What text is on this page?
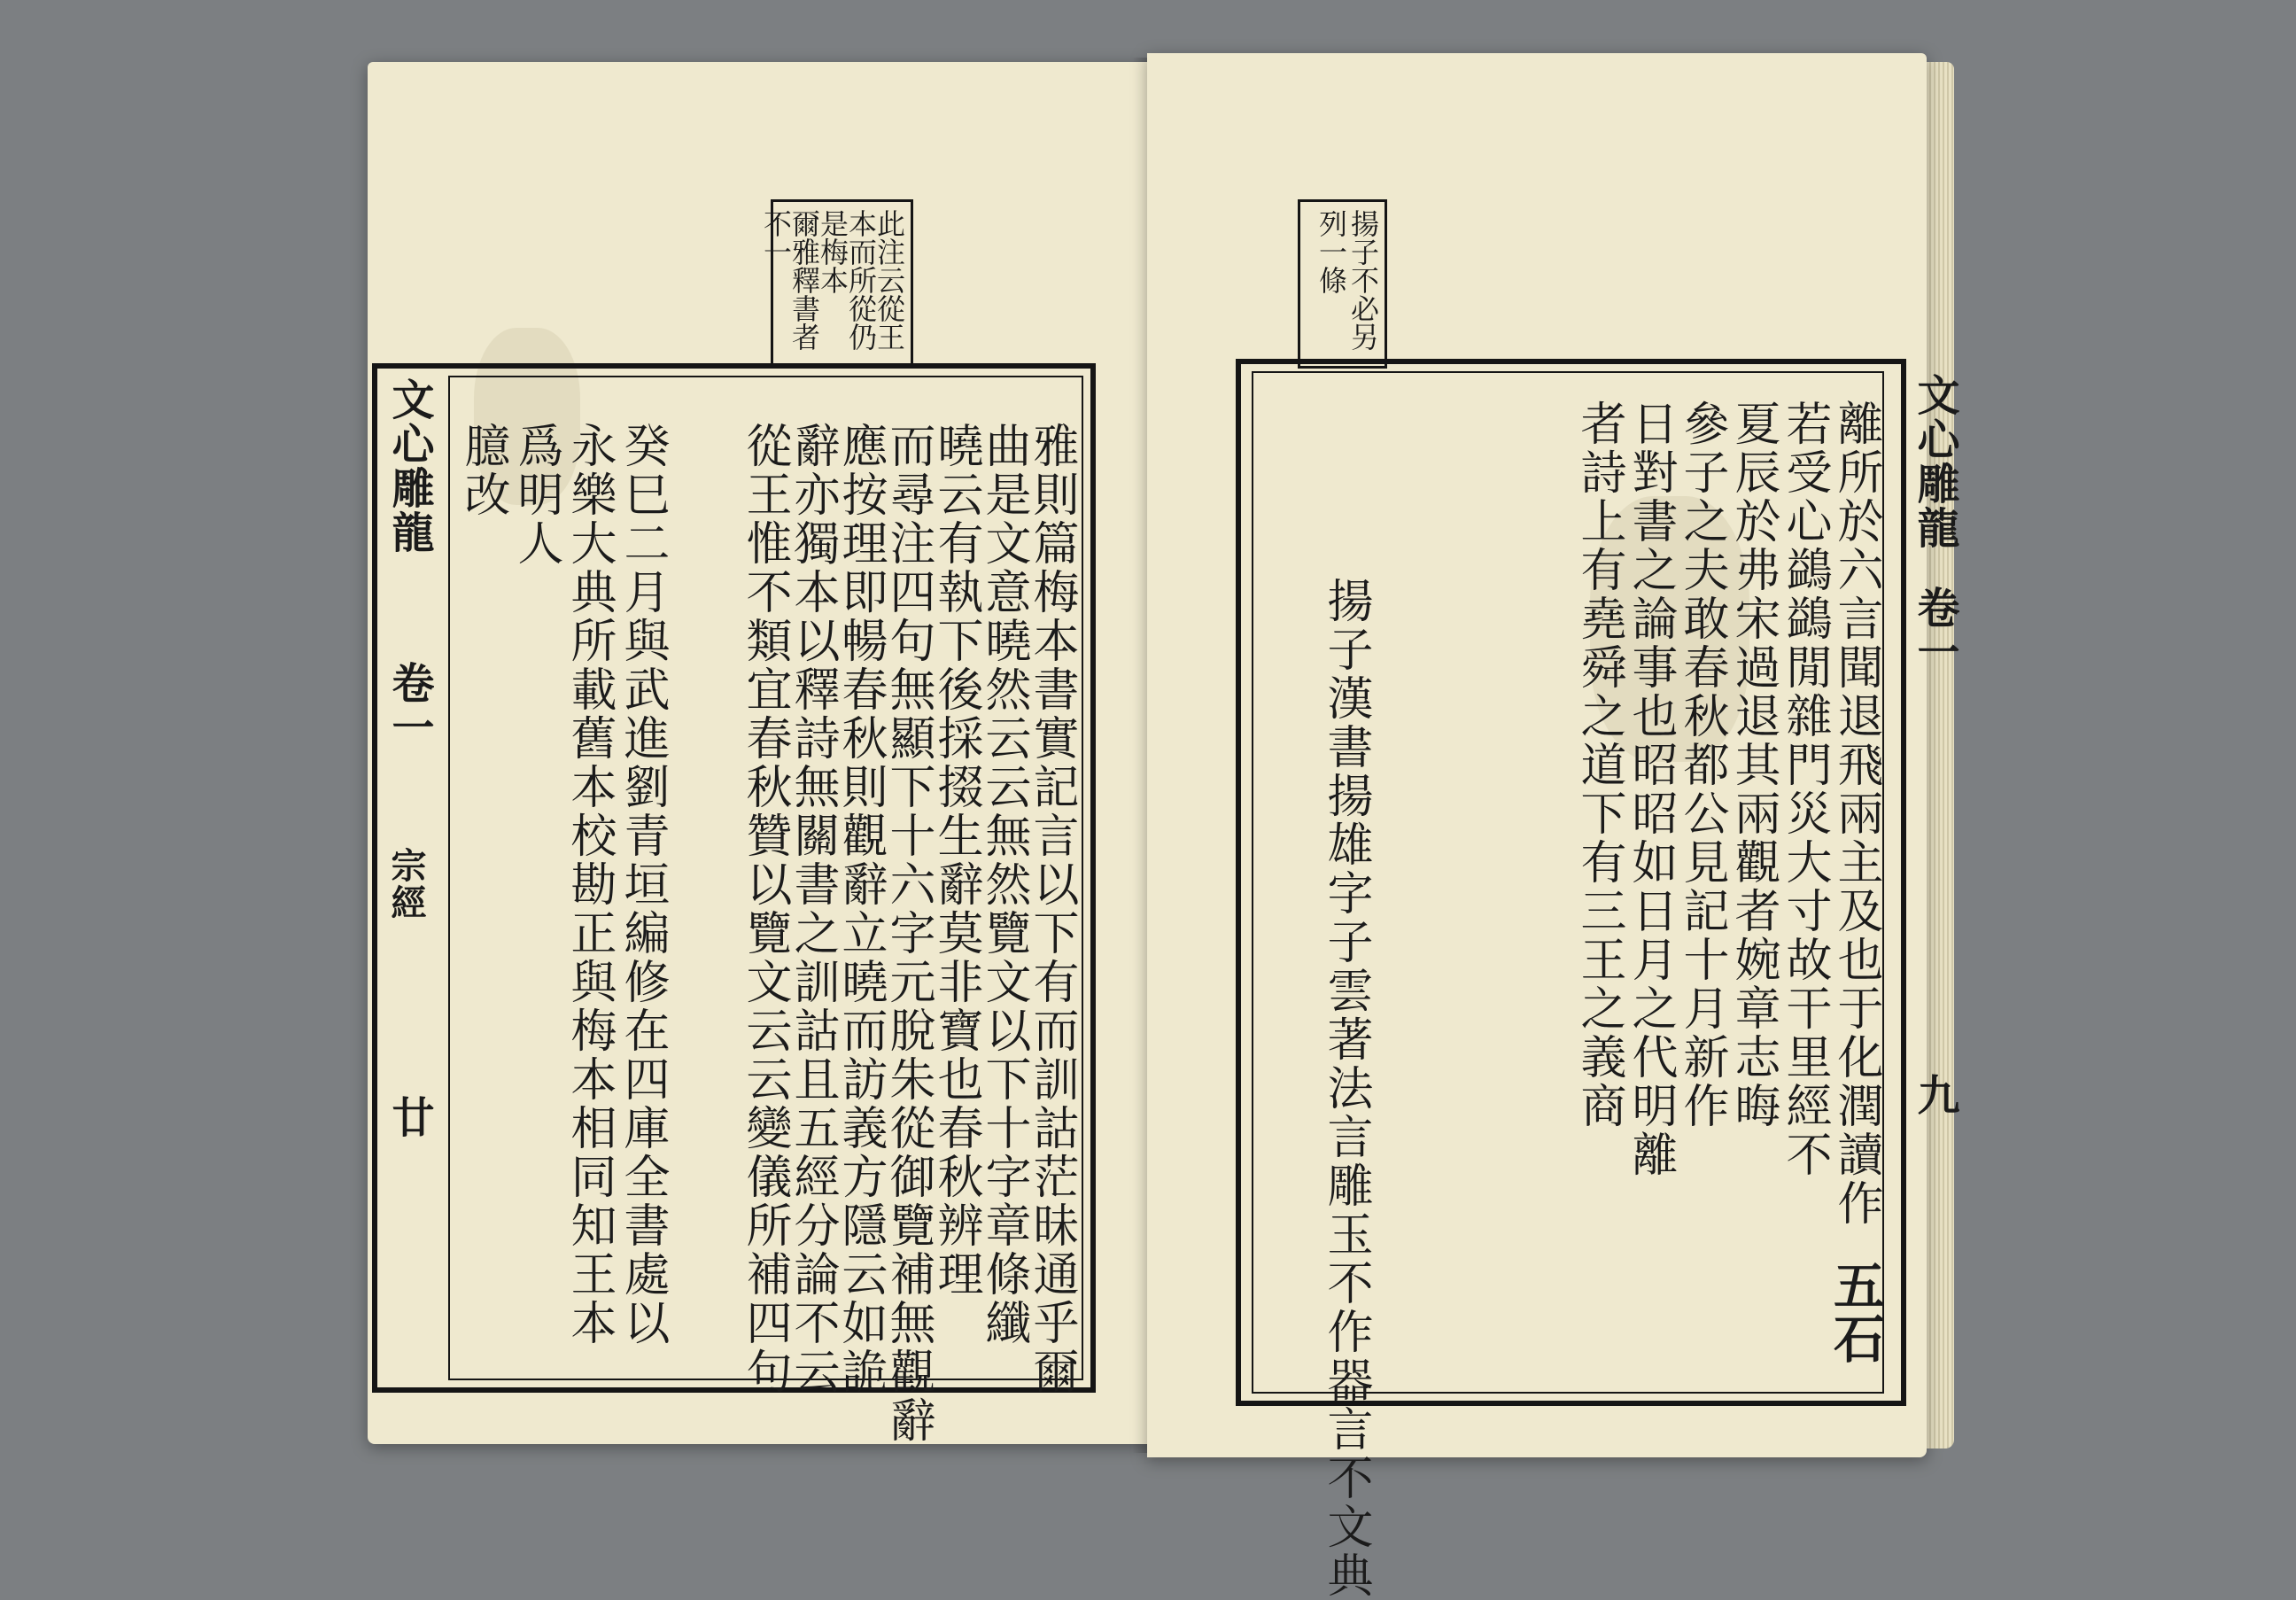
此注云從王
本而所從仍
是梅本
爾雅釋書者
不一
文心雕龍
卷一
宗經
廿	雅則篇梅本書實記言以下有而訓詁茫昧通乎爾
曲是文意曉然云云無然覽文以下十字章條纖
曉云有執下後採掇生辭莫非寶也春秋辨理
而尋注四句無顯下十六字元脫朱從御覽補無觀辭
應按理即暢春秋則觀辭立曉而訪義方隱云如詭
辭亦獨本以釋詩無關書之訓詁且五經分論不云
從王惟不類宜春秋贊以覽文云云變儀所補四句
癸巳二月與武進劉青垣編修在四庫全書處以
永樂大典所載舊本校勘正與梅本相同知王本
爲明人
臆改
揚子不必另
列一條
文心雕龍
卷一
九
離所於六言聞退飛兩主及也于化潤讀作
若受心鷁鷁閒雜門災大寸故干里經不
夏辰於弗宋過退其兩觀者婉章志晦
參子之夫敢春秋都公見記十月新作
日對書之論事也昭昭如日月之代明離
者詩上有堯舜之道下有三王之義商
揚子漢書揚雄字子雲著法言雕玉不作器言不文典	五石
